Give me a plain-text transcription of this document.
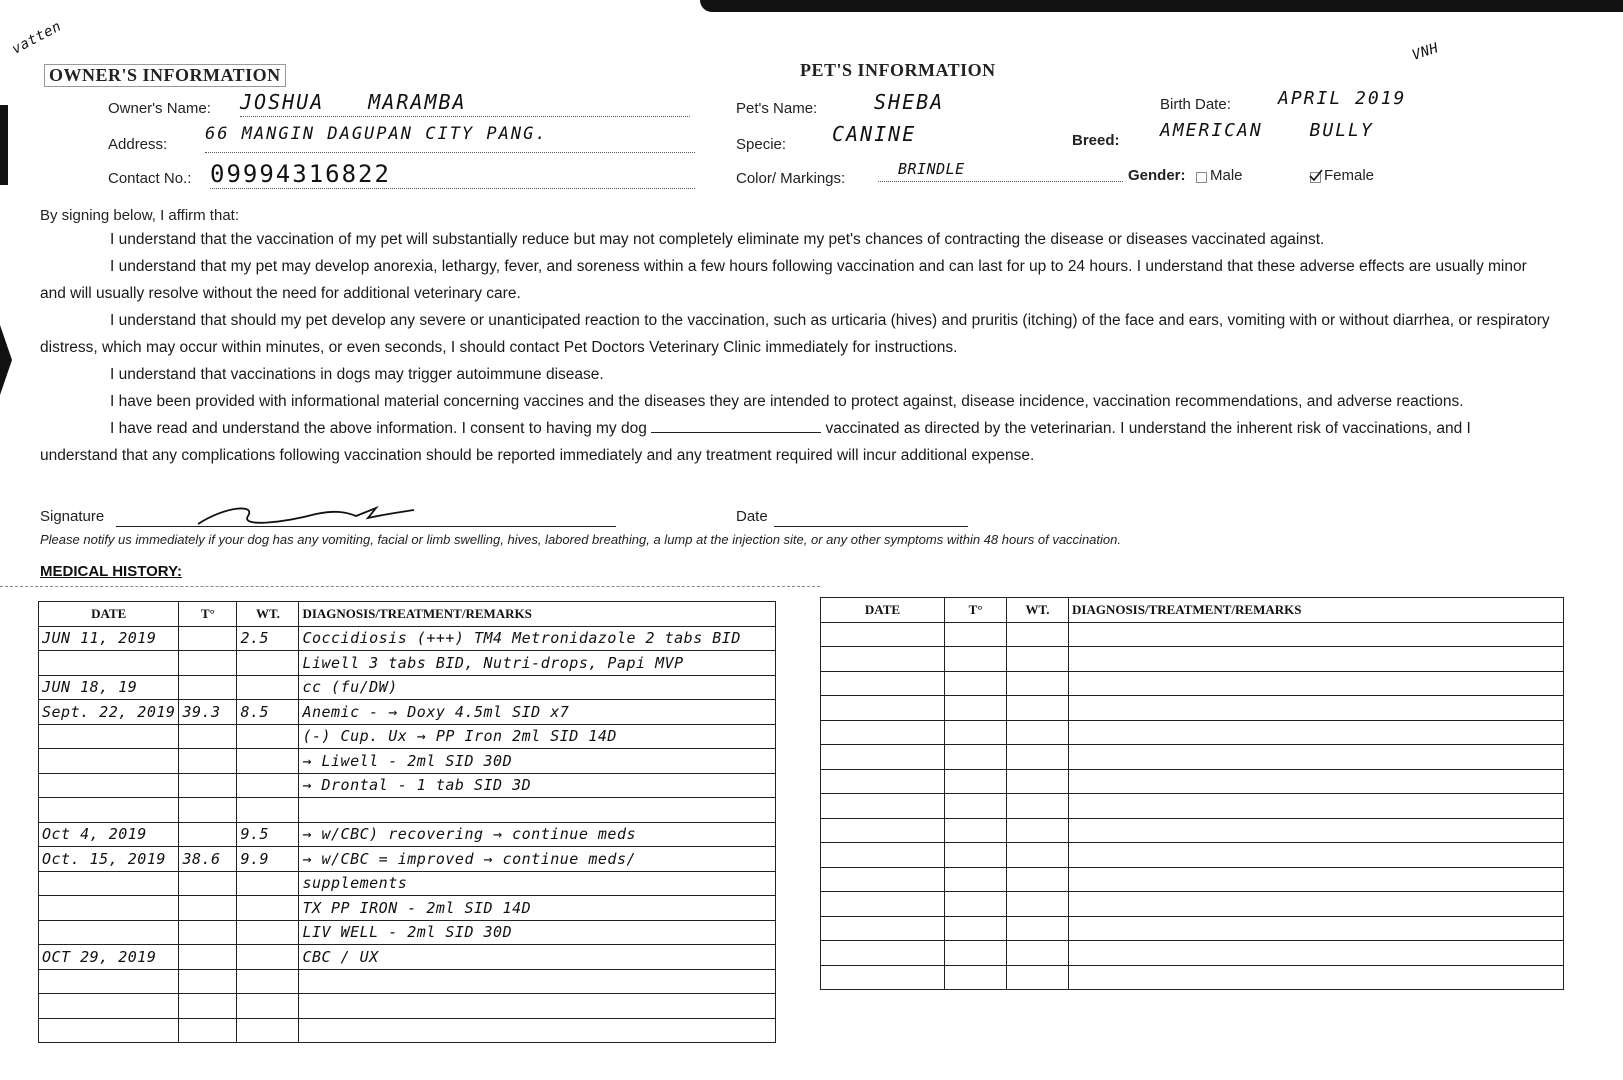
vatten	VNH
OWNER'S INFORMATION
Owner's Name: JOSHUA MARAMBA
Address:
66 MANGIN DAGUPAN CITY PANG.
Contact No.: 09994316822
PET'S INFORMATION
Pet's Name:	SHEBA	Birth Date:	APRIL 2019
Specie: CANINE	Breed: AMERICAN BULLY
Color/ Markings:
BRINDLE	Gender: Male	Female
By signing below, I affirm that:

I understand that the vaccination of my pet will substantially reduce but may not completely eliminate my pet's chances of contracting the disease or diseases vaccinated against.

I understand that my pet may develop anorexia, lethargy, fever, and soreness within a few hours following vaccination and can last for up to 24 hours. I understand that these adverse effects are usually minor and will usually resolve without the need for additional veterinary care.

I understand that should my pet develop any severe or unanticipated reaction to the vaccination, such as urticaria (hives) and pruritis (itching) of the face and ears, vomiting with or without diarrhea, or respiratory distress, which may occur within minutes, or even seconds, I should contact Pet Doctors Veterinary Clinic immediately for instructions.

I understand that vaccinations in dogs may trigger autoimmune disease.

I have been provided with informational material concerning vaccines and the diseases they are intended to protect against, disease incidence, vaccination recommendations, and adverse reactions.

I have read and understand the above information. I consent to having my dog	vaccinated as directed by the veterinarian. I understand the inherent risk of vaccinations, and I understand that any complications following vaccination should be reported immediately and any treatment required will incur additional expense.

Signature	Date
Please notify us immediately if your dog has any vomiting, facial or limb swelling, hives, labored breathing, a lump at the injection site, or any other symptoms within 48 hours of vaccination.
MEDICAL HISTORY:
DATE	T°	WT.	DIAGNOSIS/TREATMENT/REMARKS
JUN 11, 2019		2.5	Coccidiosis (+++) TM4 Metronidazole 2 tabs BID
			Liwell 3 tabs BID, Nutri-drops, Papi MVP
JUN 18, 19			cc (fu/DW)
Sept. 22, 2019	39.3	8.5	Anemic - → Doxy 4.5ml SID x7
			(-) Cup. Ux → PP Iron 2ml SID 14D
			→ Liwell - 2ml SID 30D
			→ Drontal - 1 tab SID 3D

Oct 4, 2019		9.5	→ w/CBC) recovering → continue meds
Oct. 15, 2019	38.6	9.9	→ w/CBC = improved → continue meds/
			supplements
			TX PP IRON - 2ml SID 14D
			LIV WELL - 2ml SID 30D
OCT 29, 2019			CBC / UX

DATE	T°	WT.	DIAGNOSIS/TREATMENT/REMARKS
